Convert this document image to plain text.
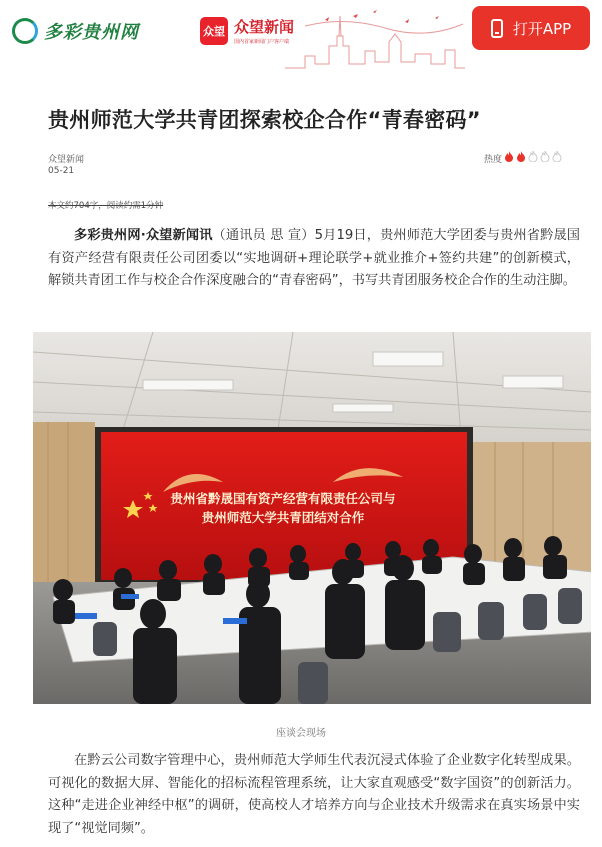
多彩贵州网	众望 众望新闻
国内首家新闻门户客户端
打开APP
贵州师范大学共青团探索校企合作“青春密码”
众望新闻
05-21
热度
本文约704字，阅读约需1分钟

多彩贵州网·众望新闻讯（通讯员 思 宣）5月19日，贵州师范大学团委与贵州省黔晟国有资产经营有限责任公司团委以“实地调研+理论联学+就业推介+签约共建”的创新模式，解锁共青团工作与校企合作深度融合的“青春密码”，书写共青团服务校企合作的生动注脚。

贵州省黔晟国有资产经营有限责任公司与
贵州师范大学共青团结对合作
座谈会现场

在黔云公司数字管理中心，贵州师范大学师生代表沉浸式体验了企业数字化转型成果。可视化的数据大屏、智能化的招标流程管理系统，让大家直观感受“数字国资”的创新活力。这种“走进企业神经中枢”的调研，使高校人才培养方向与企业技术升级需求在真实场景中实现了“视觉同频”。
